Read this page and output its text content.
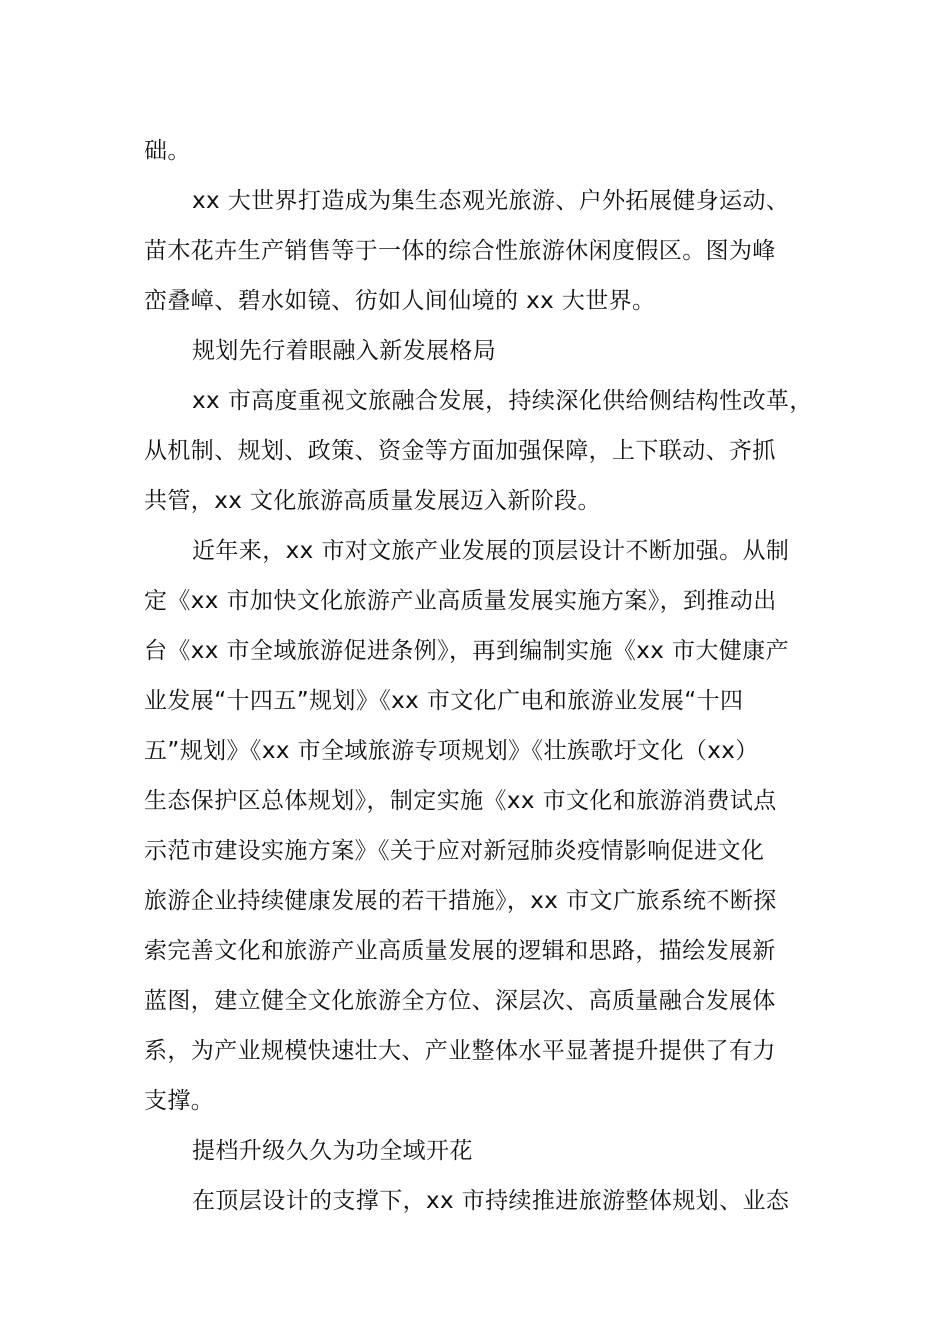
础。
xx 大世界打造成为集生态观光旅游、户外拓展健身运动、
苗木花卉生产销售等于一体的综合性旅游休闲度假区。图为峰
峦叠嶂、碧水如镜、彷如人间仙境的 xx 大世界。
规划先行着眼融入新发展格局
xx 市高度重视文旅融合发展，持续深化供给侧结构性改革，
从机制、规划、政策、资金等方面加强保障，上下联动、齐抓
共管，xx 文化旅游高质量发展迈入新阶段。
近年来，xx 市对文旅产业发展的顶层设计不断加强。从制
定《xx 市加快文化旅游产业高质量发展实施方案》，到推动出
台《xx 市全域旅游促进条例》，再到编制实施《xx 市大健康产
业发展“十四五”规划》《xx 市文化广电和旅游业发展“十四
五”规划》《xx 市全域旅游专项规划》《壮族歌圩文化（xx）
生态保护区总体规划》，制定实施《xx 市文化和旅游消费试点
示范市建设实施方案》《关于应对新冠肺炎疫情影响促进文化
旅游企业持续健康发展的若干措施》，xx 市文广旅系统不断探
索完善文化和旅游产业高质量发展的逻辑和思路，描绘发展新
蓝图，建立健全文化旅游全方位、深层次、高质量融合发展体
系，为产业规模快速壮大、产业整体水平显著提升提供了有力
支撑。
提档升级久久为功全域开花
在顶层设计的支撑下，xx 市持续推进旅游整体规划、业态
